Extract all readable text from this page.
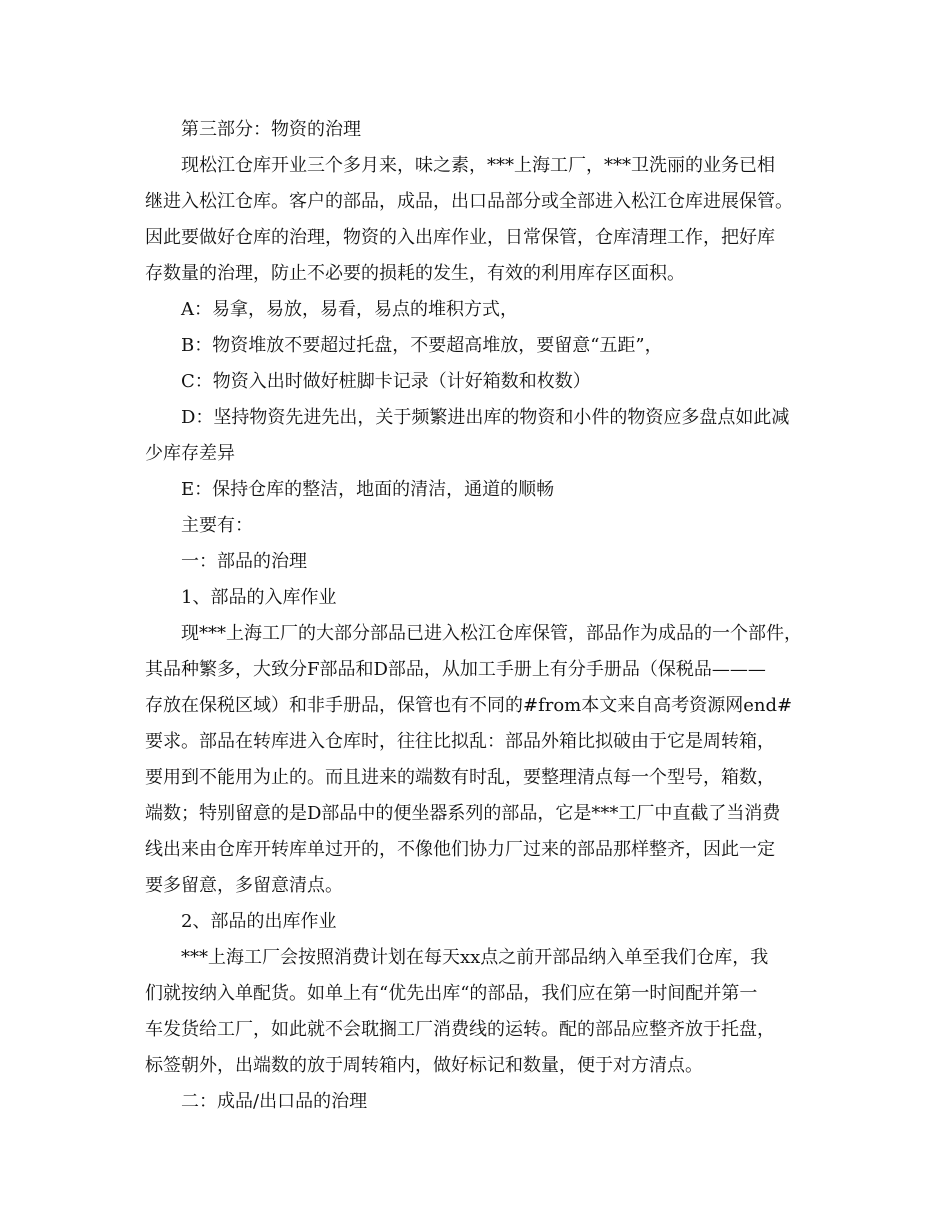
第三部分：物资的治理
现松江仓库开业三个多月来，味之素，***上海工厂，***卫洗丽的业务已相
继进入松江仓库。客户的部品，成品，出口品部分或全部进入松江仓库进展保管。
因此要做好仓库的治理，物资的入出库作业，日常保管，仓库清理工作，把好库
存数量的治理，防止不必要的损耗的发生，有效的利用库存区面积。
A：易拿，易放，易看，易点的堆积方式，
B：物资堆放不要超过托盘，不要超高堆放，要留意“五距”，
C：物资入出时做好桩脚卡记录（计好箱数和枚数）
D：坚持物资先进先出，关于频繁进出库的物资和小件的物资应多盘点如此减
少库存差异
E：保持仓库的整洁，地面的清洁，通道的顺畅
主要有：
一：部品的治理
1、部品的入库作业
现***上海工厂的大部分部品已进入松江仓库保管，部品作为成品的一个部件，
其品种繁多，大致分F部品和D部品，从加工手册上有分手册品（保税品———
存放在保税区域）和非手册品，保管也有不同的#from本文来自高考资源网end#
要求。部品在转库进入仓库时，往往比拟乱：部品外箱比拟破由于它是周转箱，
要用到不能用为止的。而且进来的端数有时乱，要整理清点每一个型号，箱数，
端数；特别留意的是D部品中的便坐器系列的部品，它是***工厂中直截了当消费
线出来由仓库开转库单过开的，不像他们协力厂过来的部品那样整齐，因此一定
要多留意，多留意清点。
2、部品的出库作业
***上海工厂会按照消费计划在每天xx点之前开部品纳入单至我们仓库，我
们就按纳入单配货。如单上有“优先出库“的部品，我们应在第一时间配并第一
车发货给工厂，如此就不会耽搁工厂消费线的运转。配的部品应整齐放于托盘，
标签朝外，出端数的放于周转箱内，做好标记和数量，便于对方清点。
二：成品/出口品的治理
